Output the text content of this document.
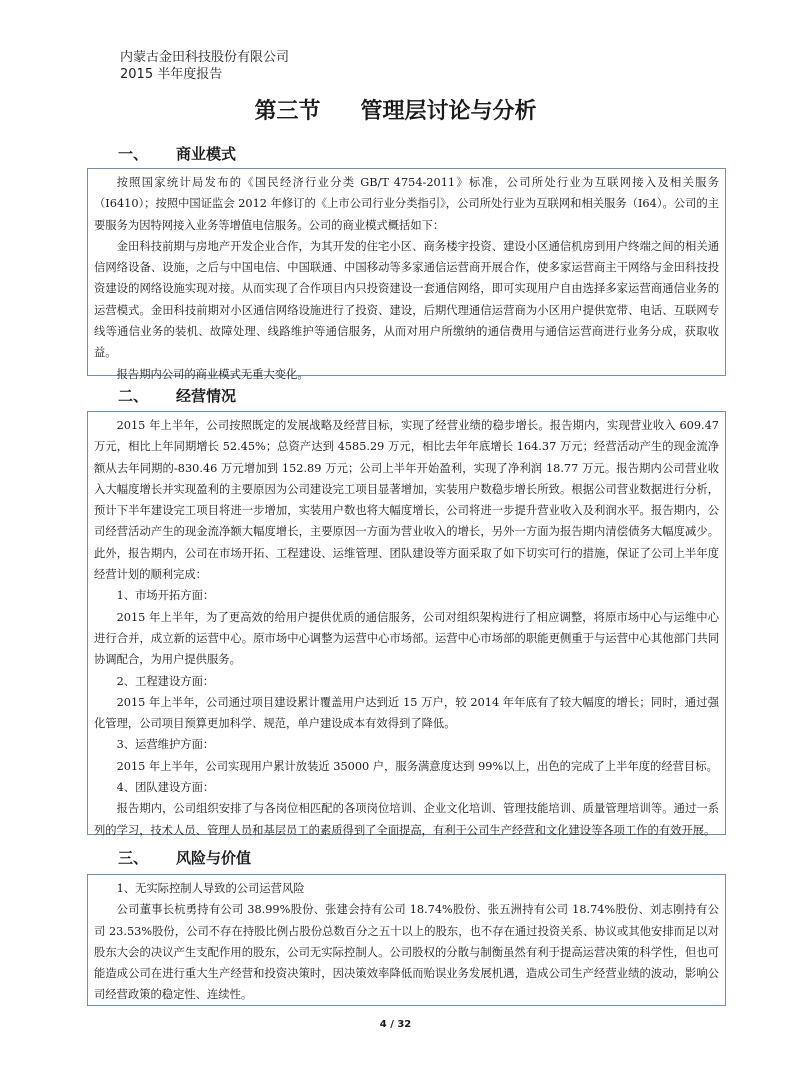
内蒙古金田科技股份有限公司
2015 半年度报告
第三节 管理层讨论与分析
一、 商业模式

按照国家统计局发布的《国民经济行业分类 GB/T 4754-2011》标准，公司所处行业为互联网接入及相关服务（I6410）；按照中国证监会 2012 年修订的《上市公司行业分类指引》，公司所处行业为互联网和相关服务（I64）。公司的主要服务为因特网接入业务等增值电信服务。公司的商业模式概括如下：

金田科技前期与房地产开发企业合作，为其开发的住宅小区、商务楼宇投资、建设小区通信机房到用户终端之间的相关通信网络设备、设施，之后与中国电信、中国联通、中国移动等多家通信运营商开展合作，使多家运营商主干网络与金田科技投资建设的网络设施实现对接。从而实现了合作项目内只投资建设一套通信网络，即可实现用户自由选择多家运营商通信业务的运营模式。金田科技前期对小区通信网络设施进行了投资、建设，后期代理通信运营商为小区用户提供宽带、电话、互联网专线等通信业务的装机、故障处理、线路维护等通信服务，从而对用户所缴纳的通信费用与通信运营商进行业务分成，获取收益。

报告期内公司的商业模式无重大变化。

二、 经营情况

2015 年上半年，公司按照既定的发展战略及经营目标，实现了经营业绩的稳步增长。报告期内，实现营业收入 609.47 万元，相比上年同期增长 52.45%；总资产达到 4585.29 万元，相比去年年底增长 164.37 万元；经营活动产生的现金流净额从去年同期的-830.46 万元增加到 152.89 万元；公司上半年开始盈利，实现了净利润 18.77 万元。报告期内公司营业收入大幅度增长并实现盈利的主要原因为公司建设完工项目显著增加，实装用户数稳步增长所致。根据公司营业数据进行分析，预计下半年建设完工项目将进一步增加，实装用户数也将大幅度增长，公司将进一步提升营业收入及利润水平。报告期内，公司经营活动产生的现金流净额大幅度增长，主要原因一方面为营业收入的增长，另外一方面为报告期内清偿债务大幅度减少。此外，报告期内，公司在市场开拓、工程建设、运维管理、团队建设等方面采取了如下切实可行的措施，保证了公司上半年度经营计划的顺利完成：

1、市场开拓方面：

2015 年上半年，为了更高效的给用户提供优质的通信服务，公司对组织架构进行了相应调整，将原市场中心与运维中心进行合并，成立新的运营中心。原市场中心调整为运营中心市场部。运营中心市场部的职能更侧重于与运营中心其他部门共同协调配合，为用户提供服务。

2、工程建设方面：

2015 年上半年，公司通过项目建设累计覆盖用户达到近 15 万户，较 2014 年年底有了较大幅度的增长；同时，通过强化管理，公司项目预算更加科学、规范，单户建设成本有效得到了降低。

3、运营维护方面：

2015 年上半年，公司实现用户累计放装近 35000 户，服务满意度达到 99%以上，出色的完成了上半年度的经营目标。

4、团队建设方面：

报告期内，公司组织安排了与各岗位相匹配的各项岗位培训、企业文化培训、管理技能培训、质量管理培训等。通过一系列的学习，技术人员、管理人员和基层员工的素质得到了全面提高，有利于公司生产经营和文化建设等各项工作的有效开展。

三、 风险与价值

1、无实际控制人导致的公司运营风险

公司董事长杭勇持有公司 38.99%股份、张建会持有公司 18.74%股份、张五洲持有公司 18.74%股份、刘志刚持有公司 23.53%股份，公司不存在持股比例占股份总数百分之五十以上的股东，也不存在通过投资关系、协议或其他安排而足以对股东大会的决议产生支配作用的股东，公司无实际控制人。公司股权的分散与制衡虽然有利于提高运营决策的科学性，但也可能造成公司在进行重大生产经营和投资决策时，因决策效率降低而贻误业务发展机遇，造成公司生产经营业绩的波动，影响公司经营政策的稳定性、连续性。

4 / 32
